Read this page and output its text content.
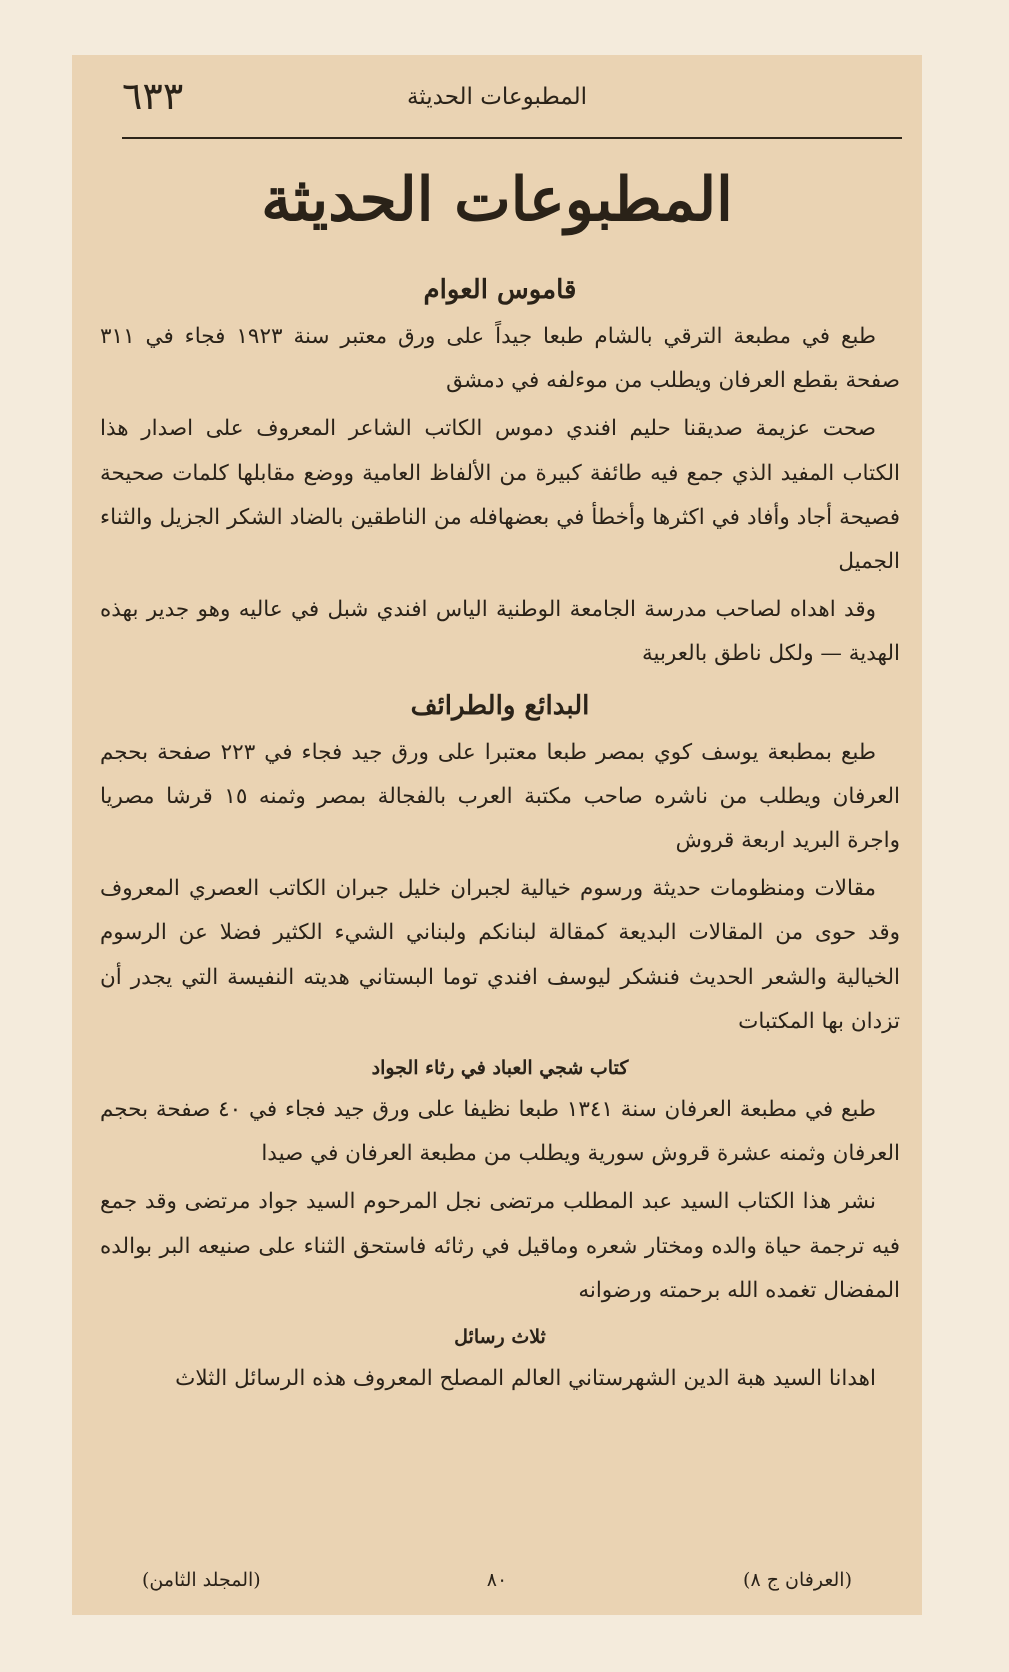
٦٣٣	المطبوعات الحديثة
المطبوعات الحديثة
قاموس العوام

طبع في مطبعة الترقي بالشام طبعا جيداً على ورق معتبر سنة ١٩٢٣ فجاء في ٣١١ صفحة بقطع العرفان ويطلب من موءلفه في دمشق

صحت عزيمة صديقنا حليم افندي دموس الكاتب الشاعر المعروف على اصدار هذا الكتاب المفيد الذي جمع فيه طائفة كبيرة من الألفاظ العامية ووضع مقابلها كلمات صحيحة فصيحة أجاد وأفاد في اكثرها وأخطأ في بعضهافله من الناطقين بالضاد الشكر الجزيل والثناء الجميل

وقد اهداه لصاحب مدرسة الجامعة الوطنية الياس افندي شبل في عاليه وهو جدير بهذه الهدية — ولكل ناطق بالعربية

البدائع والطرائف

طبع بمطبعة يوسف كوي بمصر طبعا معتبرا على ورق جيد فجاء في ٢٢٣ صفحة بحجم العرفان ويطلب من ناشره صاحب مكتبة العرب بالفجالة بمصر وثمنه ١٥ قرشا مصريا واجرة البريد اربعة قروش

مقالات ومنظومات حديثة ورسوم خيالية لجبران خليل جبران الكاتب العصري المعروف وقد حوى من المقالات البديعة كمقالة لبنانكم ولبناني الشيء الكثير فضلا عن الرسوم الخيالية والشعر الحديث فنشكر ليوسف افندي توما البستاني هديته النفيسة التي يجدر أن تزدان بها المكتبات

كتاب شجي العباد في رثاء الجواد

طبع في مطبعة العرفان سنة ١٣٤١ طبعا نظيفا على ورق جيد فجاء في ٤٠ صفحة بحجم العرفان وثمنه عشرة قروش سورية ويطلب من مطبعة العرفان في صيدا

نشر هذا الكتاب السيد عبد المطلب مرتضى نجل المرحوم السيد جواد مرتضى وقد جمع فيه ترجمة حياة والده ومختار شعره وماقيل في رثائه فاستحق الثناء على صنيعه البر بوالده المفضال تغمده الله برحمته ورضوانه

ثلاث رسائل

اهدانا السيد هبة الدين الشهرستاني العالم المصلح المعروف هذه الرسائل الثلاث

(المجلد الثامن)	٨٠	(العرفان ج ٨)
